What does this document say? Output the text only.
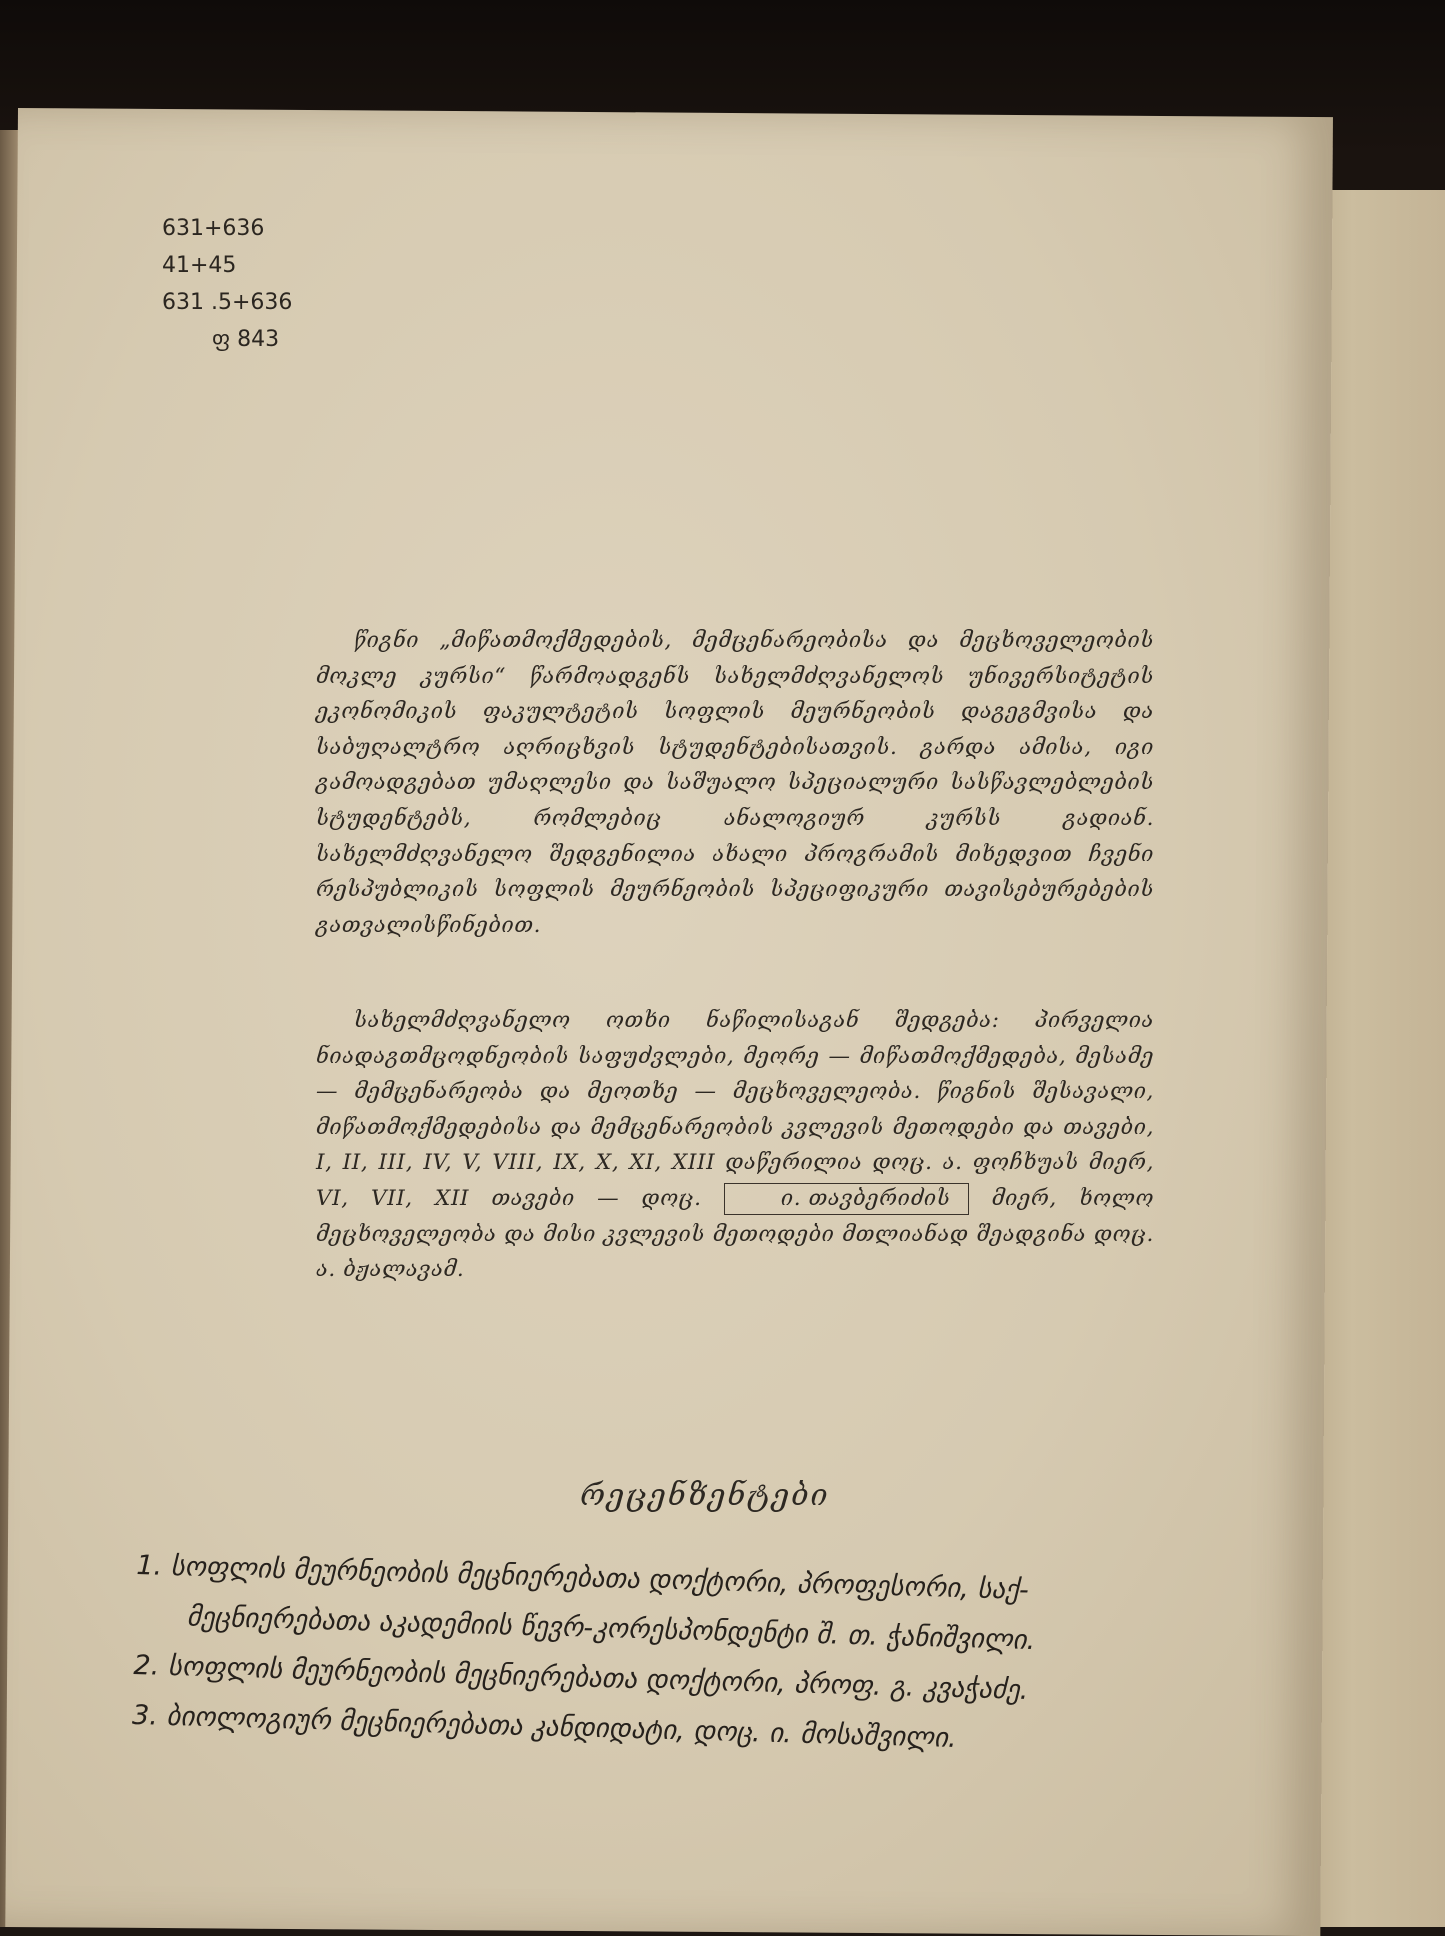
631+636
41+45
631 .5+636
ფ 843
წიგნი „მიწათმოქმედების, მემცენარეობისა და მეცხოველეობის მოკლე კურსი“ წარმოადგენს სახელმძღვანელოს უნივერსიტეტის ეკონომიკის ფაკულტეტის სოფლის მეურნეობის დაგეგმვისა და საბუღალტრო აღრიცხვის სტუდენტებისათვის. გარდა ამისა, იგი გამოადგებათ უმაღლესი და საშუალო სპეციალური სასწავლებლების სტუდენტებს, რომლებიც ანალოგიურ კურსს გადიან. სახელმძღვანელო შედგენილია ახალი პროგრამის მიხედვით ჩვენი რესპუბლიკის სოფლის მეურნეობის სპეციფიკური თავისებურებების გათვალისწინებით.
სახელმძღვანელო ოთხი ნაწილისაგან შედგება: პირველია ნიადაგთმცოდნეობის საფუძვლები, მეორე — მიწათმოქმედება, მესამე — მემცენარეობა და მეოთხე — მეცხოველეობა. წიგნის შესავალი, მიწათმოქმედებისა და მემცენარეობის კვლევის მეთოდები და თავები, I, II, III, IV, V, VIII, IX, X, XI, XIII დაწერილია დოც. ა. ფოჩხუას მიერ, VI, VII, XII თავები — დოც.	ი. თავბერიძის მიერ, ხოლო მეცხოველეობა და მისი კვლევის მეთოდები მთლიანად შეადგინა დოც. ა. ბჟალავამ.
რეცენზენტები
1. სოფლის მეურნეობის მეცნიერებათა დოქტორი, პროფესორი, საქ-
მეცნიერებათა აკადემიის წევრ-კორესპონდენტი შ. თ. ჭანიშვილი.
2. სოფლის მეურნეობის მეცნიერებათა დოქტორი, პროფ. გ. კვაჭაძე.
3. ბიოლოგიურ მეცნიერებათა კანდიდატი, დოც. ი. მოსაშვილი.
